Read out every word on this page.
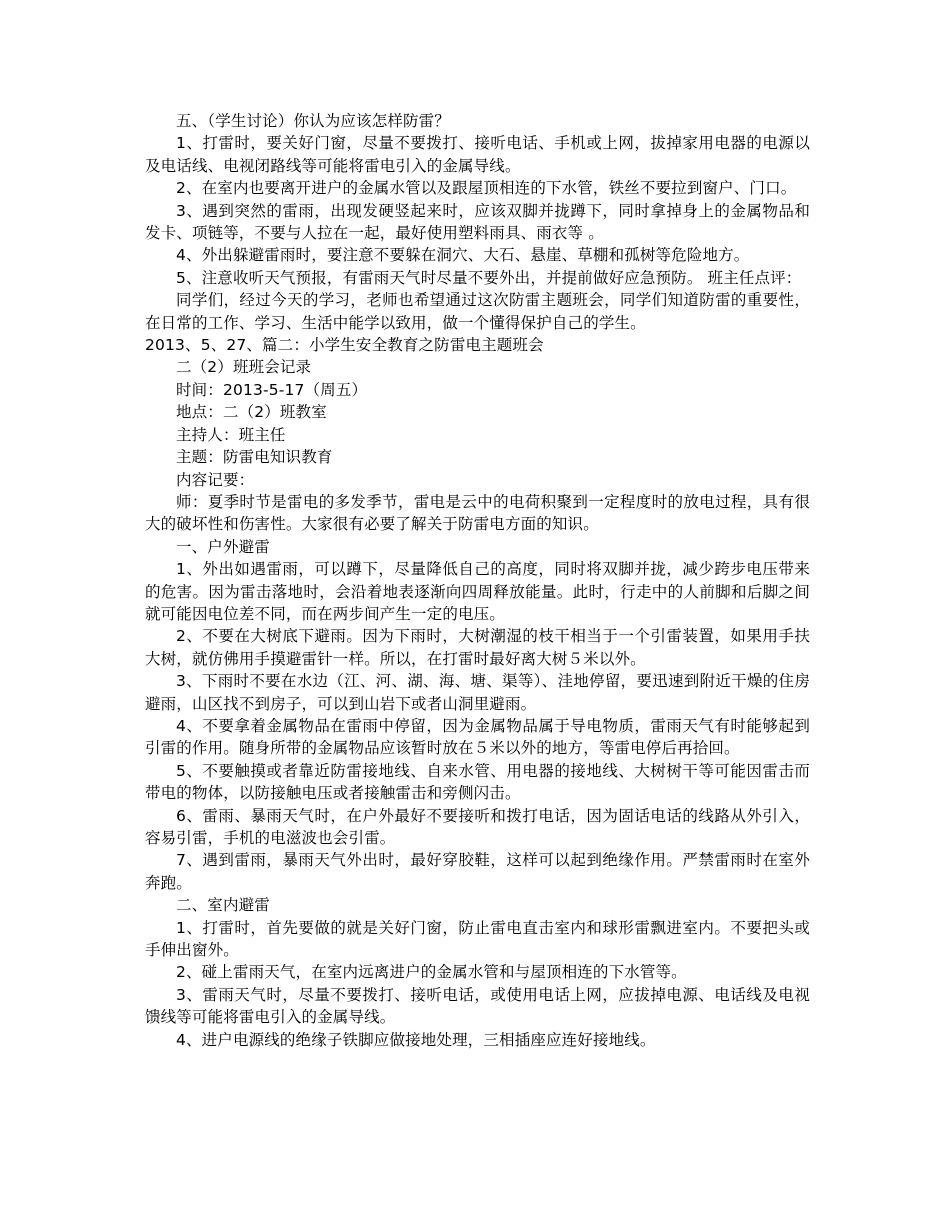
五、（学生讨论）你认为应该怎样防雷？

1、打雷时，要关好门窗，尽量不要拨打、接听电话、手机或上网，拔掉家用电器的电源以及电话线、电视闭路线等可能将雷电引入的金属导线。

2、在室内也要离开进户的金属水管以及跟屋顶相连的下水管，铁丝不要拉到窗户、门口。

3、遇到突然的雷雨，出现发硬竖起来时，应该双脚并拢蹲下，同时拿掉身上的金属物品和发卡、项链等，不要与人拉在一起，最好使用塑料雨具、雨衣等 。

4、外出躲避雷雨时，要注意不要躲在洞穴、大石、悬崖、草棚和孤树等危险地方。

5、注意收听天气预报，有雷雨天气时尽量不要外出，并提前做好应急预防。 班主任点评：

同学们，经过今天的学习，老师也希望通过这次防雷主题班会，同学们知道防雷的重要性，在日常的工作、学习、生活中能学以致用，做一个懂得保护自己的学生。

2013、5、27、篇二：小学生安全教育之防雷电主题班会

二（2）班班会记录

时间：2013-5-17（周五）

地点：二（2）班教室

主持人：班主任

主题：防雷电知识教育

内容记要：

师：夏季时节是雷电的多发季节，雷电是云中的电荷积聚到一定程度时的放电过程，具有很大的破坏性和伤害性。大家很有必要了解关于防雷电方面的知识。

一、户外避雷

1、外出如遇雷雨，可以蹲下，尽量降低自己的高度，同时将双脚并拢，减少跨步电压带来的危害。因为雷击落地时，会沿着地表逐渐向四周释放能量。此时，行走中的人前脚和后脚之间就可能因电位差不同，而在两步间产生一定的电压。

2、不要在大树底下避雨。因为下雨时，大树潮湿的枝干相当于一个引雷装置，如果用手扶大树，就仿佛用手摸避雷针一样。所以，在打雷时最好离大树５米以外。

3、下雨时不要在水边（江、河、湖、海、塘、渠等）、洼地停留，要迅速到附近干燥的住房避雨，山区找不到房子，可以到山岩下或者山洞里避雨。

4、不要拿着金属物品在雷雨中停留，因为金属物品属于导电物质，雷雨天气有时能够起到引雷的作用。随身所带的金属物品应该暂时放在５米以外的地方，等雷电停后再拾回。

5、不要触摸或者靠近防雷接地线、自来水管、用电器的接地线、大树树干等可能因雷击而带电的物体，以防接触电压或者接触雷击和旁侧闪击。

6、雷雨、暴雨天气时，在户外最好不要接听和拨打电话，因为固话电话的线路从外引入，容易引雷，手机的电滋波也会引雷。

7、遇到雷雨，暴雨天气外出时，最好穿胶鞋，这样可以起到绝缘作用。严禁雷雨时在室外奔跑。

二、室内避雷

1、打雷时，首先要做的就是关好门窗，防止雷电直击室内和球形雷飘进室内。不要把头或手伸出窗外。

2、碰上雷雨天气，在室内远离进户的金属水管和与屋顶相连的下水管等。

3、雷雨天气时，尽量不要拨打、接听电话，或使用电话上网，应拔掉电源、电话线及电视馈线等可能将雷电引入的金属导线。

4、进户电源线的绝缘子铁脚应做接地处理，三相插座应连好接地线。
